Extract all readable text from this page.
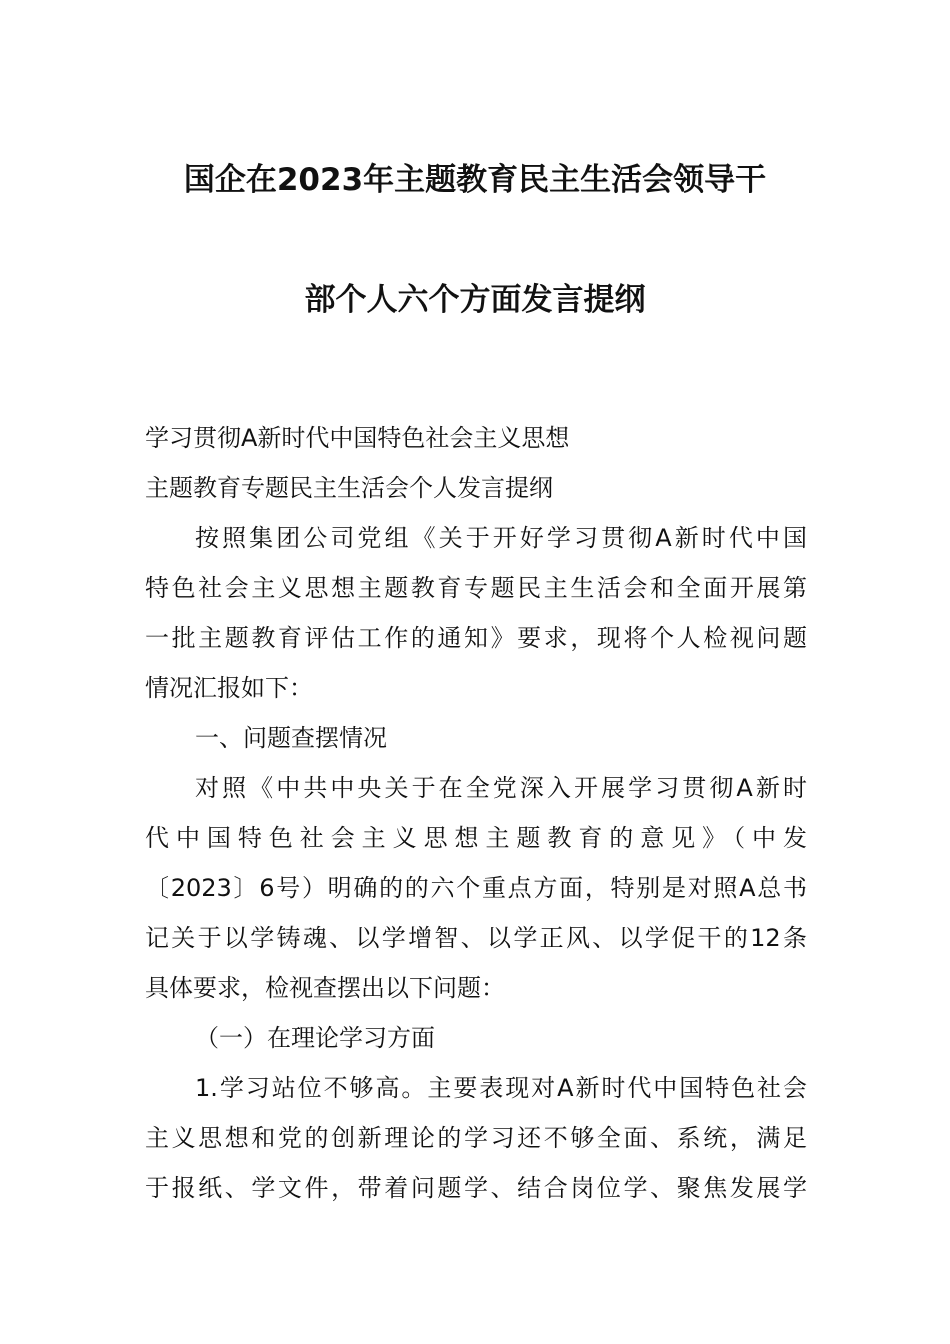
国企在2023年主题教育民主生活会领导干
部个人六个方面发言提纲
学习贯彻A新时代中国特色社会主义思想
主题教育专题民主生活会个人发言提纲
按照集团公司党组《关于开好学习贯彻A新时代中国
特色社会主义思想主题教育专题民主生活会和全面开展第
一批主题教育评估工作的通知》要求，现将个人检视问题
情况汇报如下：
一、问题查摆情况
对照《中共中央关于在全党深入开展学习贯彻A新时
代中国特色社会主义思想主题教育的意见》（中发
〔2023〕6号）明确的的六个重点方面，特别是对照A总书
记关于以学铸魂、以学增智、以学正风、以学促干的12条
具体要求，检视查摆出以下问题：
（一）在理论学习方面
1.学习站位不够高。主要表现对A新时代中国特色社会
主义思想和党的创新理论的学习还不够全面、系统，满足
于报纸、学文件，带着问题学、结合岗位学、聚焦发展学
